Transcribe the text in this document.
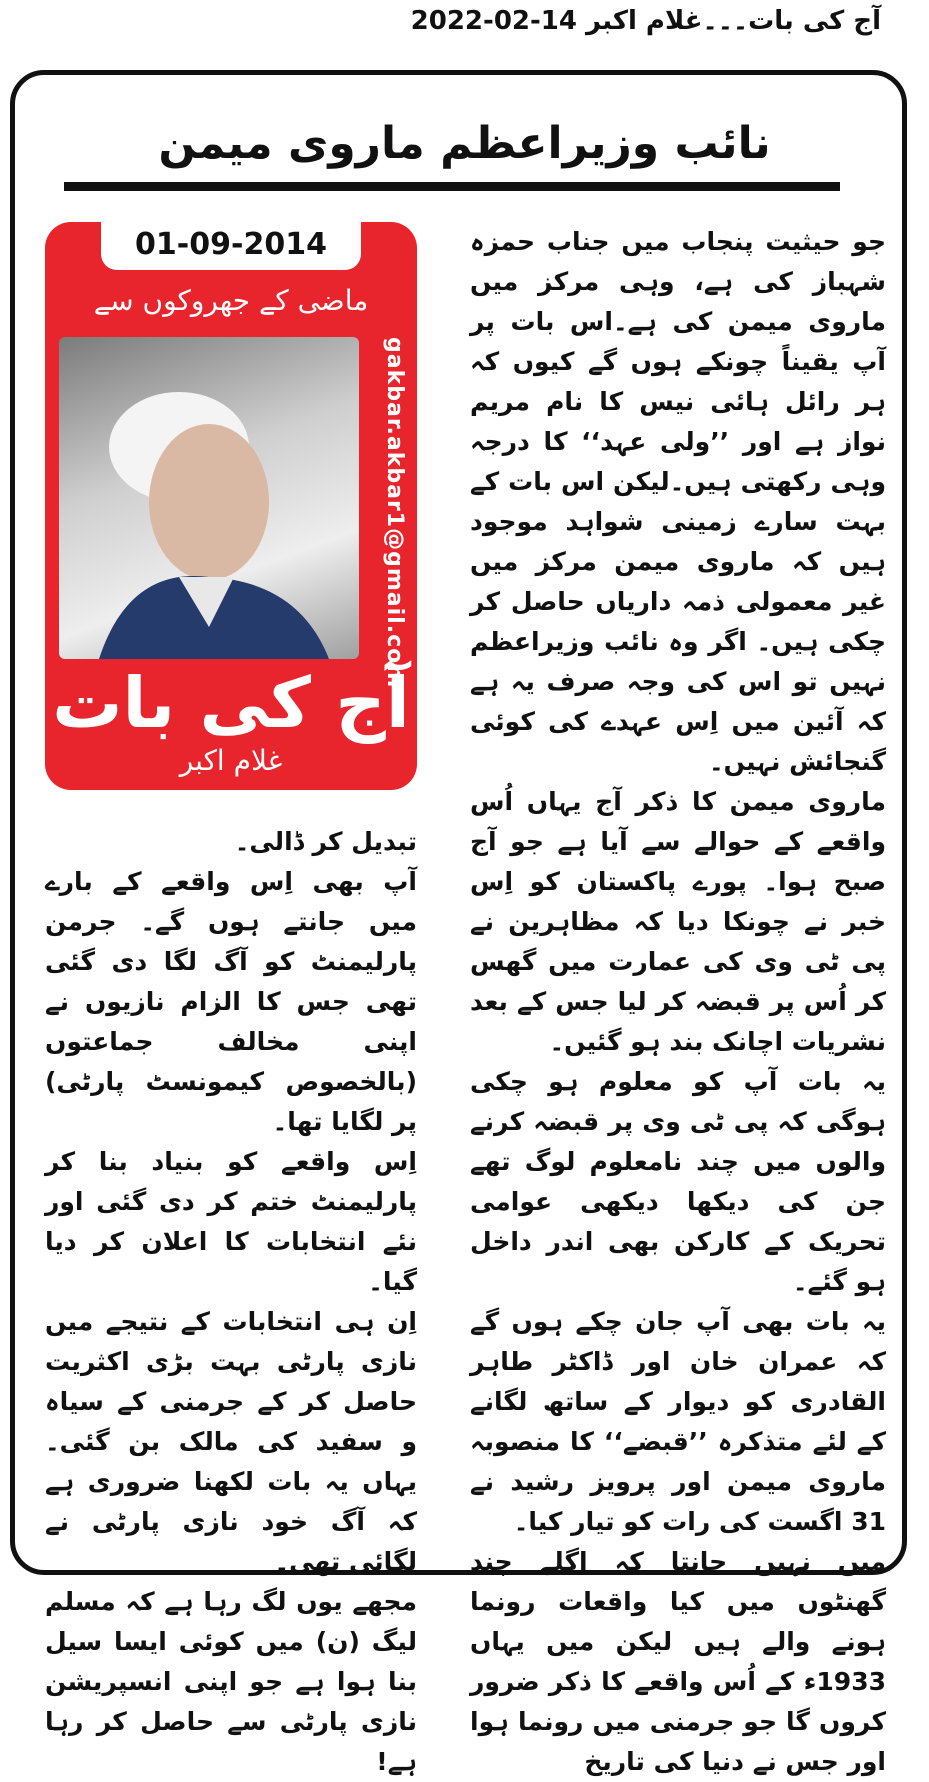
آج کی بات۔۔۔غلام اکبر 14-02-2022
نائب وزیراعظم ماروی میمن
01-09-2014
ماضی کے جھروکوں سے
gakbar.akbar1@gmail.com
آج کی بات
غلام اکبر

جو حیثیت پنجاب میں جناب حمزہ شہباز کی ہے، وہی مرکز میں ماروی میمن کی ہے۔اس بات پر آپ یقیناً چونکے ہوں گے کیوں کہ ہر رائل ہائی نیس کا نام مریم نواز ہے اور ’’ولی عہد‘‘ کا درجہ وہی رکھتی ہیں۔لیکن اس بات کے بہت سارے زمینی شواہد موجود ہیں کہ ماروی میمن مرکز میں غیر معمولی ذمہ داریاں حاصل کر چکی ہیں۔ اگر وہ نائب وزیراعظم نہیں تو اس کی وجہ صرف یہ ہے کہ آئین میں اِس عہدے کی کوئی گنجائش نہیں۔

ماروی میمن کا ذکر آج یہاں اُس واقعے کے حوالے سے آیا ہے جو آج صبح ہوا۔ پورے پاکستان کو اِس خبر نے چونکا دیا کہ مظاہرین نے پی ٹی وی کی عمارت میں گھس کر اُس پر قبضہ کر لیا جس کے بعد نشریات اچانک بند ہو گئیں۔

یہ بات آپ کو معلوم ہو چکی ہوگی کہ پی ٹی وی پر قبضہ کرنے والوں میں چند نامعلوم لوگ تھے جن کی دیکھا دیکھی عوامی تحریک کے کارکن بھی اندر داخل ہو گئے۔

یہ بات بھی آپ جان چکے ہوں گے کہ عمران خان اور ڈاکٹر طاہر القادری کو دیوار کے ساتھ لگانے کے لئے متذکرہ ’’قبضے‘‘ کا منصوبہ ماروی میمن اور پرویز رشید نے 31 اگست کی رات کو تیار کیا۔

میں نہیں جانتا کہ اگلے چند گھنٹوں میں کیا واقعات رونما ہونے والے ہیں لیکن میں یہاں 1933ء کے اُس واقعے کا ذکر ضرور کروں گا جو جرمنی میں رونما ہوا اور جس نے دنیا کی تاریخ

تبدیل کر ڈالی۔

آپ بھی اِس واقعے کے بارے میں جانتے ہوں گے۔ جرمن پارلیمنٹ کو آگ لگا دی گئی تھی جس کا الزام نازیوں نے اپنی مخالف جماعتوں (بالخصوص کیمونسٹ پارٹی) پر لگایا تھا۔

اِس واقعے کو بنیاد بنا کر پارلیمنٹ ختم کر دی گئی اور نئے انتخابات کا اعلان کر دیا گیا۔

اِن ہی انتخابات کے نتیجے میں نازی پارٹی بہت بڑی اکثریت حاصل کر کے جرمنی کے سیاہ و سفید کی مالک بن گئی۔ یہاں یہ بات لکھنا ضروری ہے کہ آگ خود نازی پارٹی نے لگائی تھی۔

مجھے یوں لگ رہا ہے کہ مسلم لیگ (ن) میں کوئی ایسا سیل بنا ہوا ہے جو اپنی انسپریشن نازی پارٹی سے حاصل کر رہا ہے!
